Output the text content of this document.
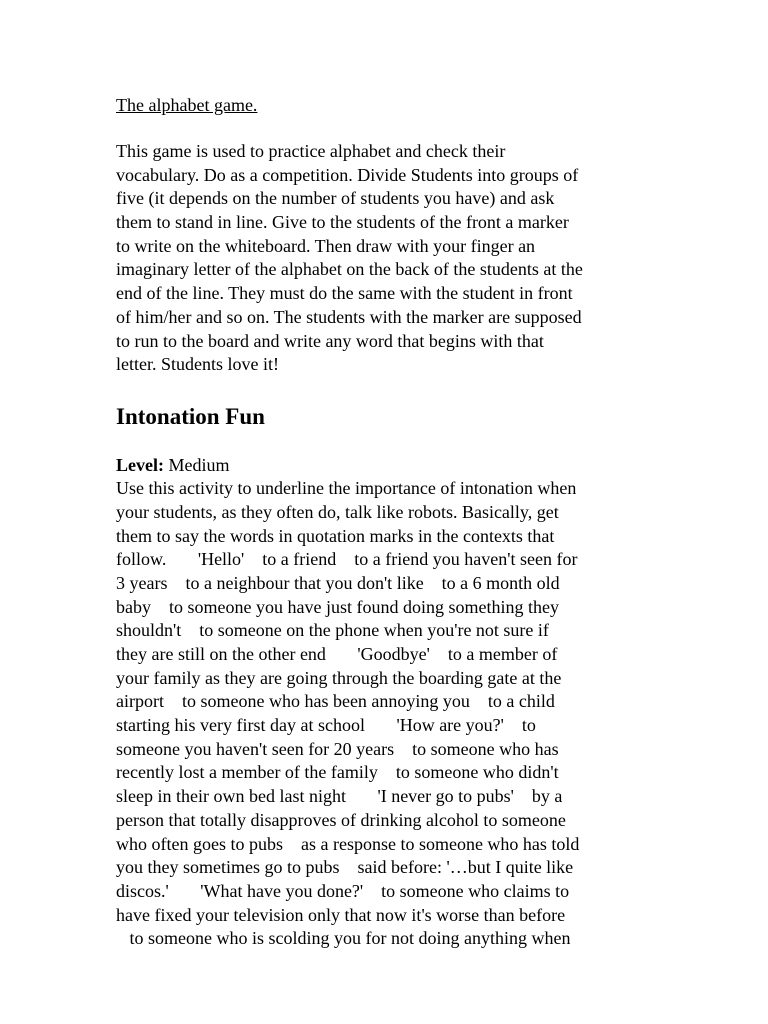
The alphabet game.
This game is used to practice alphabet and check their
vocabulary. Do as a competition. Divide Students into groups of
five (it depends on the number of students you have) and ask
them to stand in line. Give to the students of the front a marker
to write on the whiteboard. Then draw with your finger an
imaginary letter of the alphabet on the back of the students at the
end of the line. They must do the same with the student in front
of him/her and so on. The students with the marker are supposed
to run to the board and write any word that begins with that
letter. Students love it!
Intonation Fun
Level: Medium
Use this activity to underline the importance of intonation when
your students, as they often do, talk like robots. Basically, get
them to say the words in quotation marks in the contexts that
follow.       'Hello'    to a friend    to a friend you haven't seen for
3 years    to a neighbour that you don't like    to a 6 month old
baby    to someone you have just found doing something they
shouldn't    to someone on the phone when you're not sure if
they are still on the other end       'Goodbye'    to a member of
your family as they are going through the boarding gate at the
airport    to someone who has been annoying you    to a child
starting his very first day at school       'How are you?'    to
someone you haven't seen for 20 years    to someone who has
recently lost a member of the family    to someone who didn't
sleep in their own bed last night       'I never go to pubs'    by a
person that totally disapproves of drinking alcohol to someone
who often goes to pubs    as a response to someone who has told
you they sometimes go to pubs    said before: '…but I quite like
discos.'       'What have you done?'    to someone who claims to
have fixed your television only that now it's worse than before
to someone who is scolding you for not doing anything when
